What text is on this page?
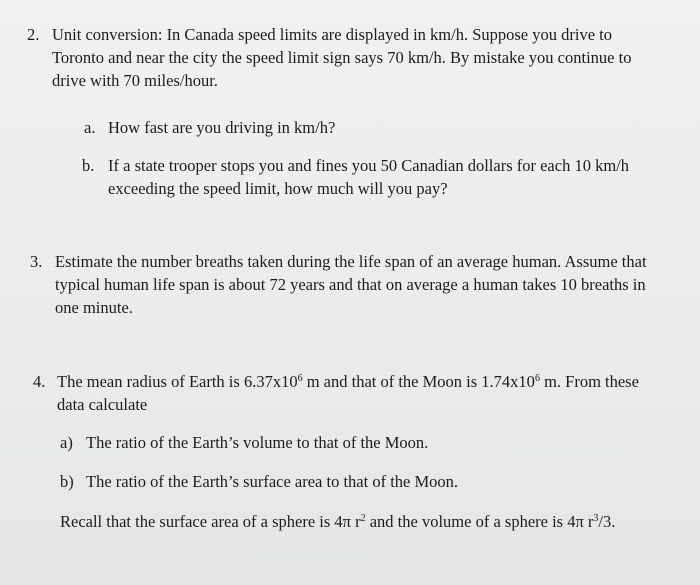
2. Unit conversion: In Canada speed limits are displayed in km/h. Suppose you drive to
Toronto and near the city the speed limit sign says 70 km/h. By mistake you continue to
drive with 70 miles/hour.
a. How fast are you driving in km/h?
b. If a state trooper stops you and fines you 50 Canadian dollars for each 10 km/h
exceeding the speed limit, how much will you pay?
3. Estimate the number breaths taken during the life span of an average human. Assume that
typical human life span is about 72 years and that on average a human takes 10 breaths in
one minute.
4. The mean radius of Earth is $6.37x10^6$ m and that of the Moon is $1.74x10^6$ m. From these
data calculate
a) The ratio of the Earth’s volume to that of the Moon.
b) The ratio of the Earth’s surface area to that of the Moon.
Recall that the surface area of a sphere is 4π $r^2$ and the volume of a sphere is 4π $r^3/3$.
